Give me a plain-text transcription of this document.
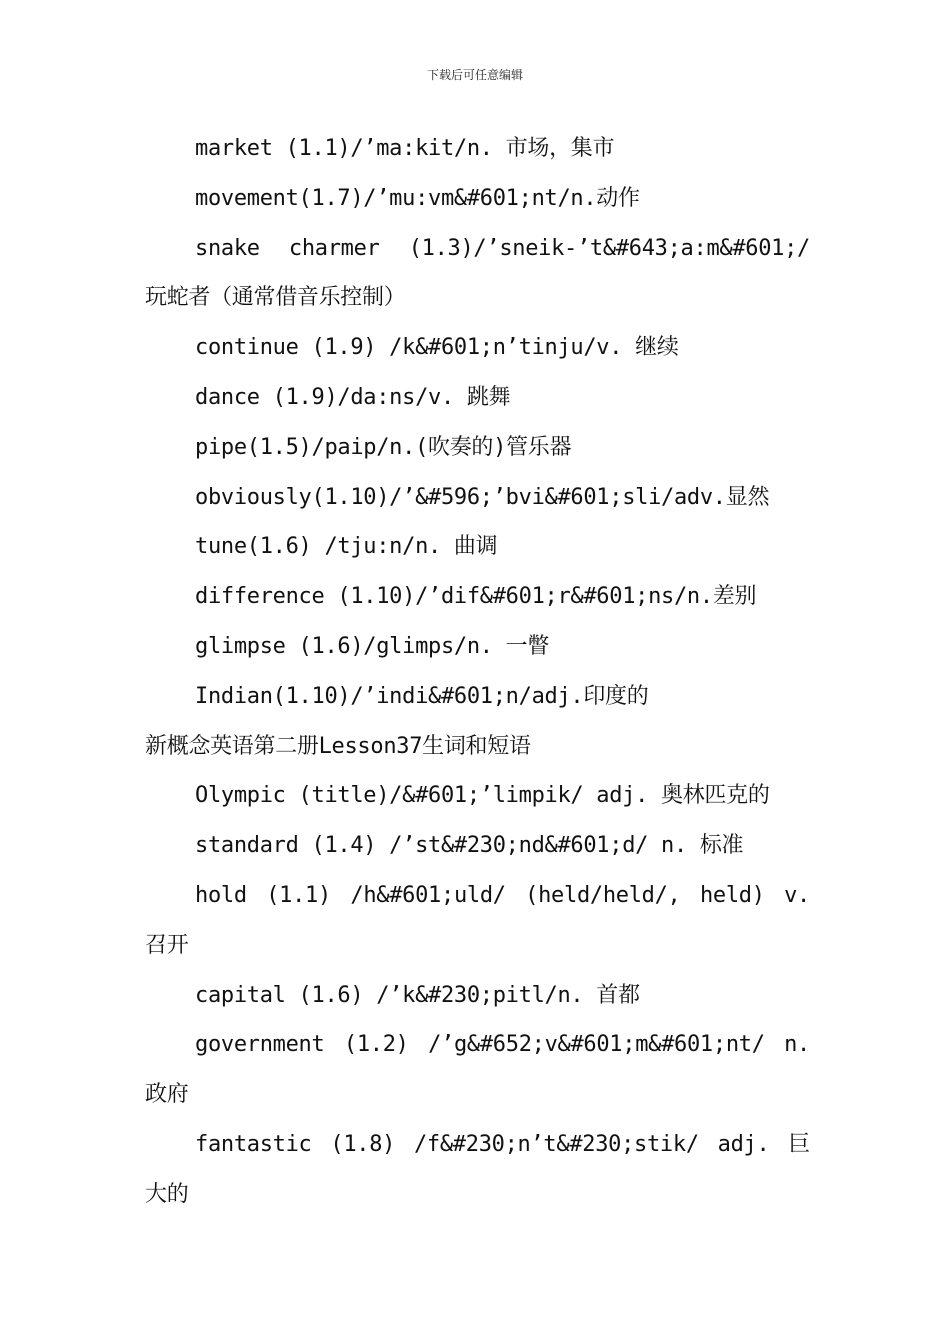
下载后可任意编辑
market (1.1)/’ma:kit/n. 市场，集市
movement(1.7)/’mu:vm&#601;nt/n.动作
snake charmer (1.3)/’sneik-’t&#643;a:m&#601;/
玩蛇者（通常借音乐控制）
continue (1.9) /k&#601;n’tinju/v. 继续
dance (1.9)/da:ns/v. 跳舞
pipe(1.5)/paip/n.(吹奏的)管乐器
obviously(1.10)/’&#596;’bvi&#601;sli/adv.显然
tune(1.6) /tju:n/n. 曲调
difference (1.10)/’dif&#601;r&#601;ns/n.差别
glimpse (1.6)/glimps/n. 一瞥
Indian(1.10)/’indi&#601;n/adj.印度的
新概念英语第二册Lesson37生词和短语
Olympic (title)/&#601;’limpik/ adj. 奥林匹克的
standard (1.4) /’st&#230;nd&#601;d/ n. 标准
hold (1.1) /h&#601;uld/ (held/held/, held) v.
召开
capital (1.6) /’k&#230;pitl/n. 首都
government (1.2) /’g&#652;v&#601;m&#601;nt/ n.
政府
fantastic (1.8) /f&#230;n’t&#230;stik/ adj. 巨
大的
